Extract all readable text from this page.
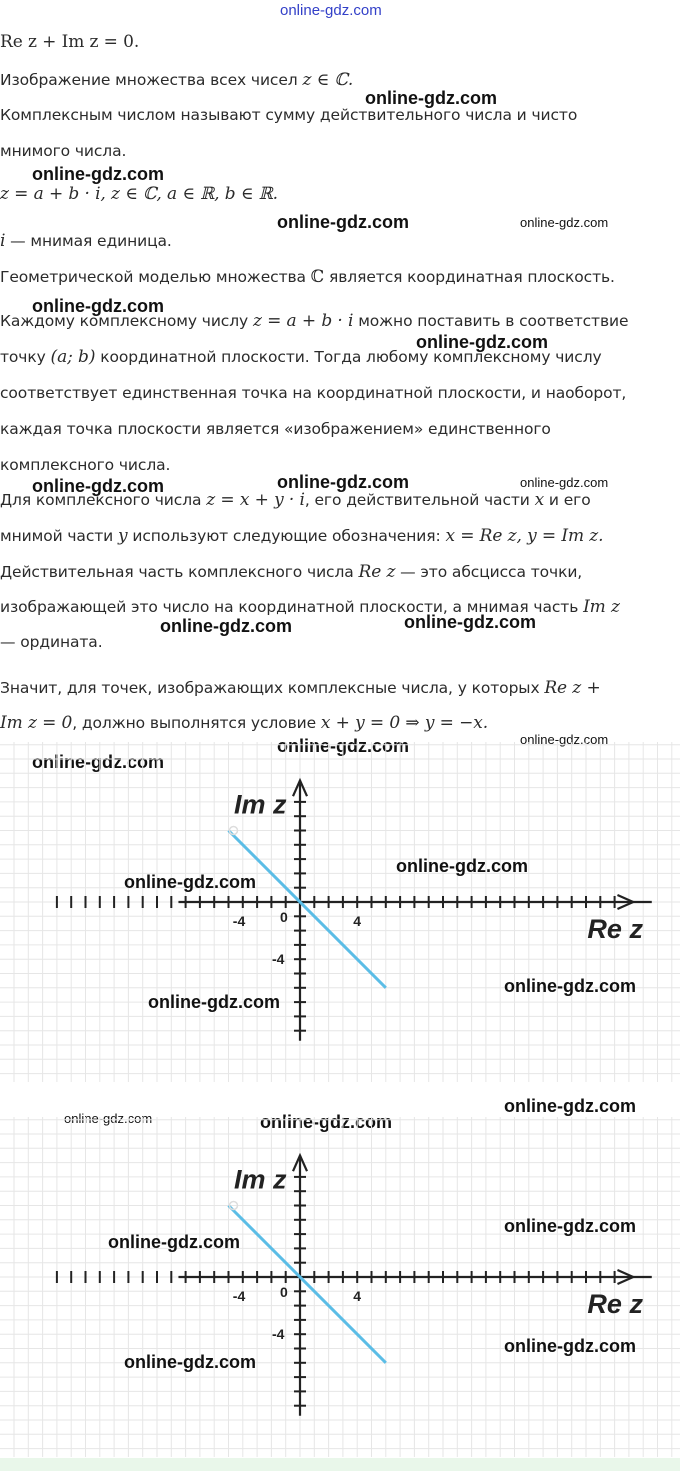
online-gdz.com
Re z + Im z = 0.
Изображение множества всех чисел z ∈ ℂ.
online-gdz.com
Комплексным числом называют сумму действительного числа и чисто
мнимого числа.
online-gdz.com
z = a + b · i, z ∈ ℂ, a ∈ ℝ, b ∈ ℝ.
online-gdz.com	online-gdz.com
i — мнимая единица.
Геометрической моделью множества ℂ является координатная плоскость.
online-gdz.com
Каждому комплексному числу z = a + b · i можно поставить в соответствие
online-gdz.com
точку (a; b) координатной плоскости. Тогда любому комплексному числу
соответствует единственная точка на координатной плоскости, и наоборот,
каждая точка плоскости является «изображением» единственного
комплексного числа.
online-gdz.com	online-gdz.com	online-gdz.com
Для комплексного числа z = x + y · i, его действительной части x и его
мнимой части y используют следующие обозначения: x = Re z, y = Im z.
Действительная часть комплексного числа Re z — это абсцисса точки,
изображающей это число на координатной плоскости, а мнимая часть Im z
online-gdz.com	online-gdz.com
— ордината.
Значит, для точек, изображающих комплексные числа, у которых Re z +
Im z = 0, должно выполнятся условие x + y = 0 ⇒ y = −x.
online-gdz.com	online-gdz.com
online-gdz.com
-4	4
0
-4
Im z
Re z
online-gdz.com
online-gdz.com
online-gdz.com
online-gdz.com
online-gdz.com
online-gdz.com	online-gdz.com
-4	4
0
-4
Im z
Re z
online-gdz.com
online-gdz.com
online-gdz.com
online-gdz.com
